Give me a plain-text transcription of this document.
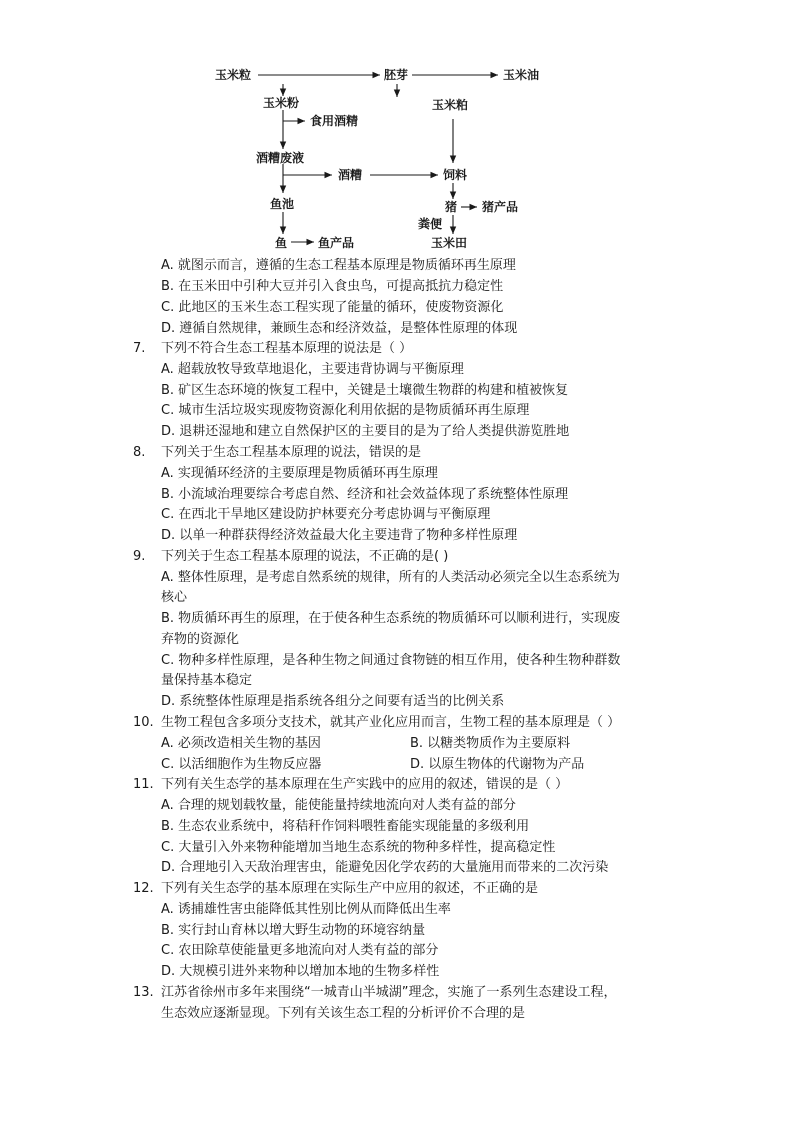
玉米粒	胚芽	玉米油
玉米粉	玉米粕
食用酒精
酒糟废液
酒糟	饲料
鱼池	猪 猪产品
粪便
鱼	鱼产品	玉米田
A. 就图示而言，遵循的生态工程基本原理是物质循环再生原理
B. 在玉米田中引种大豆并引入食虫鸟，可提高抵抗力稳定性
C. 此地区的玉米生态工程实现了能量的循环，使废物资源化
D. 遵循自然规律，兼顾生态和经济效益，是整体性原理的体现
7. 下列不符合生态工程基本原理的说法是（ ）
A. 超载放牧导致草地退化，主要违背协调与平衡原理
B. 矿区生态环境的恢复工程中，关键是土壤微生物群的构建和植被恢复
C. 城市生活垃圾实现废物资源化利用依据的是物质循环再生原理
D. 退耕还湿地和建立自然保护区的主要目的是为了给人类提供游览胜地
8. 下列关于生态工程基本原理的说法，错误的是
A. 实现循环经济的主要原理是物质循环再生原理
B. 小流域治理要综合考虑自然、经济和社会效益体现了系统整体性原理
C. 在西北干旱地区建设防护林要充分考虑协调与平衡原理
D. 以单一种群获得经济效益最大化主要违背了物种多样性原理
9. 下列关于生态工程基本原理的说法，不正确的是( )
A. 整体性原理，是考虑自然系统的规律，所有的人类活动必须完全以生态系统为
核心
B. 物质循环再生的原理，在于使各种生态系统的物质循环可以顺利进行，实现废
弃物的资源化
C. 物种多样性原理，是各种生物之间通过食物链的相互作用，使各种生物种群数
量保持基本稳定
D. 系统整体性原理是指系统各组分之间要有适当的比例关系
10. 生物工程包含多项分支技术，就其产业化应用而言，生物工程的基本原理是（ ）
A. 必须改造相关生物的基因	B. 以糖类物质作为主要原料
C. 以活细胞作为生物反应器	D. 以原生物体的代谢物为产品
11. 下列有关生态学的基本原理在生产实践中的应用的叙述，错误的是（ ）
A. 合理的规划载牧量，能使能量持续地流向对人类有益的部分
B. 生态农业系统中，将秸秆作饲料喂牲畜能实现能量的多级利用
C. 大量引入外来物种能增加当地生态系统的物种多样性，提高稳定性
D. 合理地引入天敌治理害虫，能避免因化学农药的大量施用而带来的二次污染
12. 下列有关生态学的基本原理在实际生产中应用的叙述，不正确的是
A. 诱捕雄性害虫能降低其性别比例从而降低出生率
B. 实行封山育林以增大野生动物的环境容纳量
C. 农田除草使能量更多地流向对人类有益的部分
D. 大规模引进外来物种以增加本地的生物多样性
13. 江苏省徐州市多年来围绕“一城青山半城湖”理念，实施了一系列生态建设工程，
生态效应逐渐显现。下列有关该生态工程的分析评价不合理的是
